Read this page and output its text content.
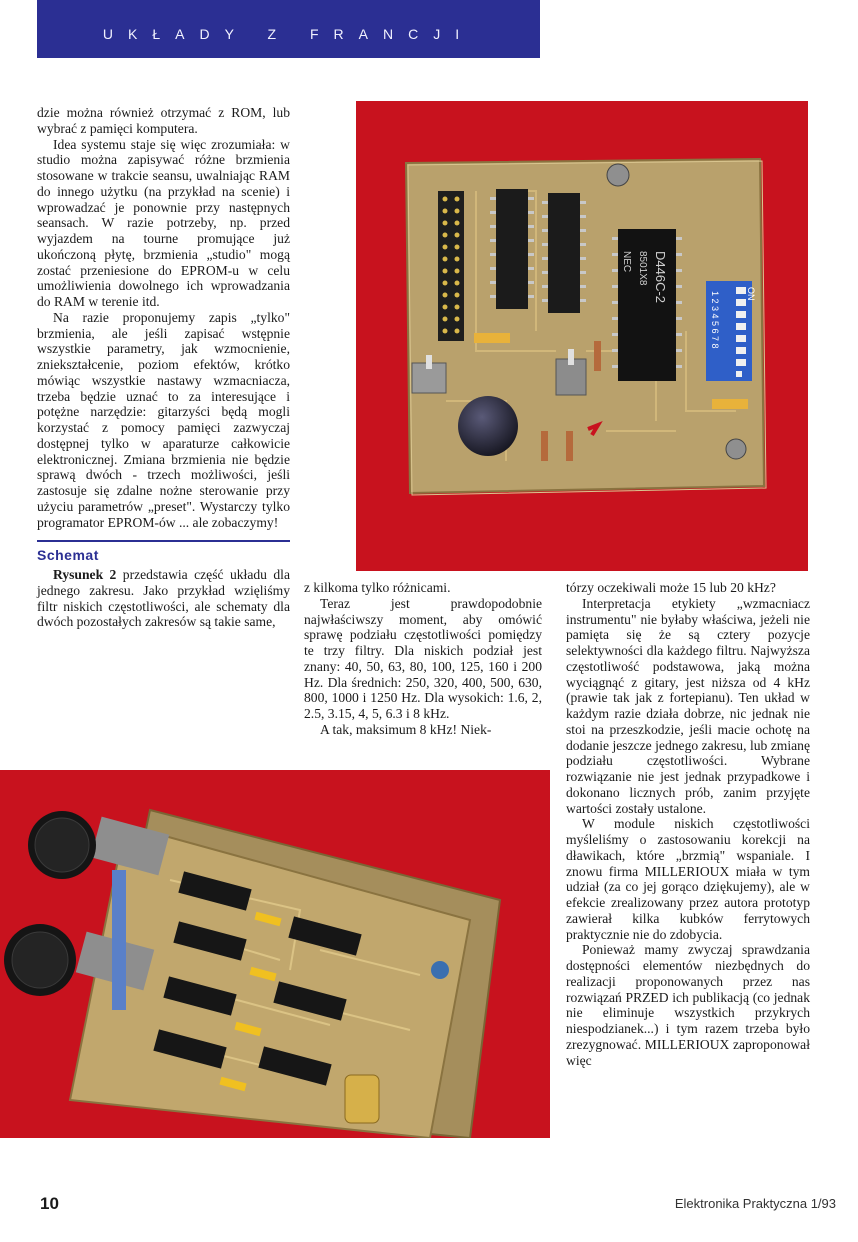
UKŁADY Z FRANCJI

dzie można również otrzymać z ROM, lub wybrać z pamięci komputera.

Idea systemu staje się więc zrozumiała: w studio można zapisywać różne brzmienia stosowane w trakcie seansu, uwalniając RAM do innego użytku (na przykład na scenie) i wprowadzać je ponownie przy następnych seansach. W razie potrzeby, np. przed wyjazdem na tourne promujące już ukończoną płytę, brzmienia „studio" mogą zostać przeniesione do EPROM-u w celu umożliwienia dowolnego ich wprowadzania do RAM w terenie itd.

Na razie proponujemy zapis „tylko" brzmienia, ale jeśli zapisać wstępnie wszystkie parametry, jak wzmocnienie, zniekształcenie, poziom efektów, krótko mówiąc wszystkie nastawy wzmacniacza, trzeba będzie uznać to za interesujące i potężne narzędzie: gitarzyści będą mogli korzystać z pomocy pamięci zazwyczaj dostępnej tylko w aparaturze całkowicie elektronicznej. Zmiana brzmienia nie będzie sprawą dwóch - trzech możliwości, jeśli zastosuje się zdalne nożne sterowanie przy użyciu parametrów „preset". Wystarczy tylko programator EPROM-ów ... ale zobaczymy!

Schemat

Rysunek 2 przedstawia część układu dla jednego zakresu. Jako przykład wzięliśmy filtr niskich częstotliwości, ale schematy dla dwóch pozostałych zakresów są takie same,

NEC 8501X8 D446C-2	ON
1 2 3 4 5 6 7 8

z kilkoma tylko różnicami.

Teraz jest prawdopodobnie najwłaściwszy moment, aby omówić sprawę podziału częstotliwości pomiędzy te trzy filtry. Dla niskich podział jest znany: 40, 50, 63, 80, 100, 125, 160 i 200 Hz. Dla średnich: 250, 320, 400, 500, 630, 800, 1000 i 1250 Hz. Dla wysokich: 1.6, 2, 2.5, 3.15, 4, 5, 6.3 i 8 kHz.

A tak, maksimum 8 kHz! Niek-

tórzy oczekiwali może 15 lub 20 kHz?

Interpretacja etykiety „wzmacniacz instrumentu" nie byłaby właściwa, jeżeli nie pamięta się że są cztery pozycje selektywności dla każdego filtru. Najwyższa częstotliwość podstawowa, jaką można wyciągnąć z gitary, jest niższa od 4 kHz (prawie tak jak z fortepianu). Ten układ w każdym razie działa dobrze, nic jednak nie stoi na przeszkodzie, jeśli macie ochotę na dodanie jeszcze jednego zakresu, lub zmianę podziału częstotliwości. Wybrane rozwiązanie nie jest jednak przypadkowe i dokonano licznych prób, zanim przyjęte wartości zostały ustalone.

W module niskich częstotliwości myśleliśmy o zastosowaniu korekcji na dławikach, które „brzmią" wspaniale. I znowu firma MILLERIOUX miała w tym udział (za co jej gorąco dziękujemy), ale w efekcie zrealizowany przez autora prototyp zawierał kilka kubków ferrytowych praktycznie nie do zdobycia.

Ponieważ mamy zwyczaj sprawdzania dostępności elementów niezbędnych do realizacji proponowanych przez nas rozwiązań PRZED ich publikacją (co jednak nie eliminuje wszystkich przykrych niespodzianek...) i tym razem trzeba było zrezygnować. MILLERIOUX zaproponował więc

10	Elektronika Praktyczna 1/93
